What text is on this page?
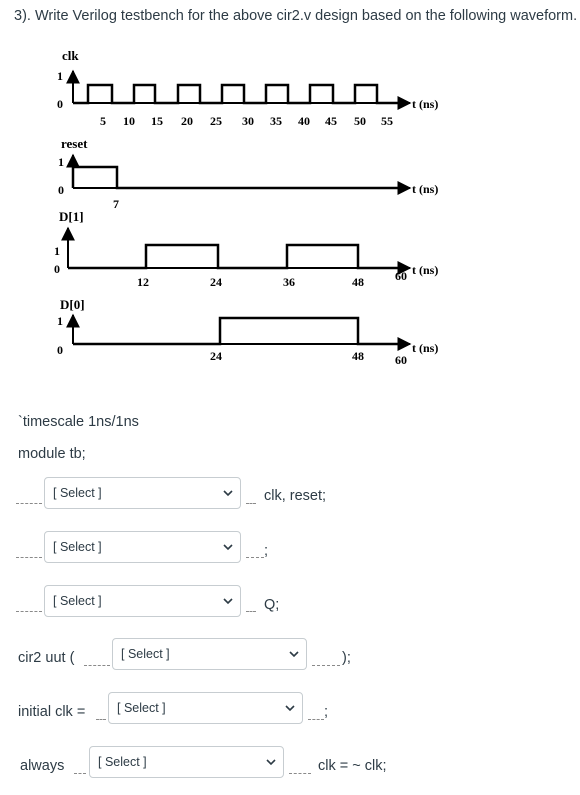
3). Write Verilog testbench for the above cir2.v design based on the following waveform.
clk
1
0	t (ns)
5 10 15 20 25 30 35 40 45 50 55
reset
1
0	t (ns)
7
D[1]
1
0	t (ns)
12	24	36	48	60
D[0]
1
0	t (ns)
24	48	60
`timescale 1ns/1ns
module tb;
[ Select ]	clk, reset;
[ Select ]	;
[ Select ]	Q;
cir2 uut (	[ Select ]	);
initial clk =	[ Select ]	;
always	[ Select ]	clk = ~ clk;
